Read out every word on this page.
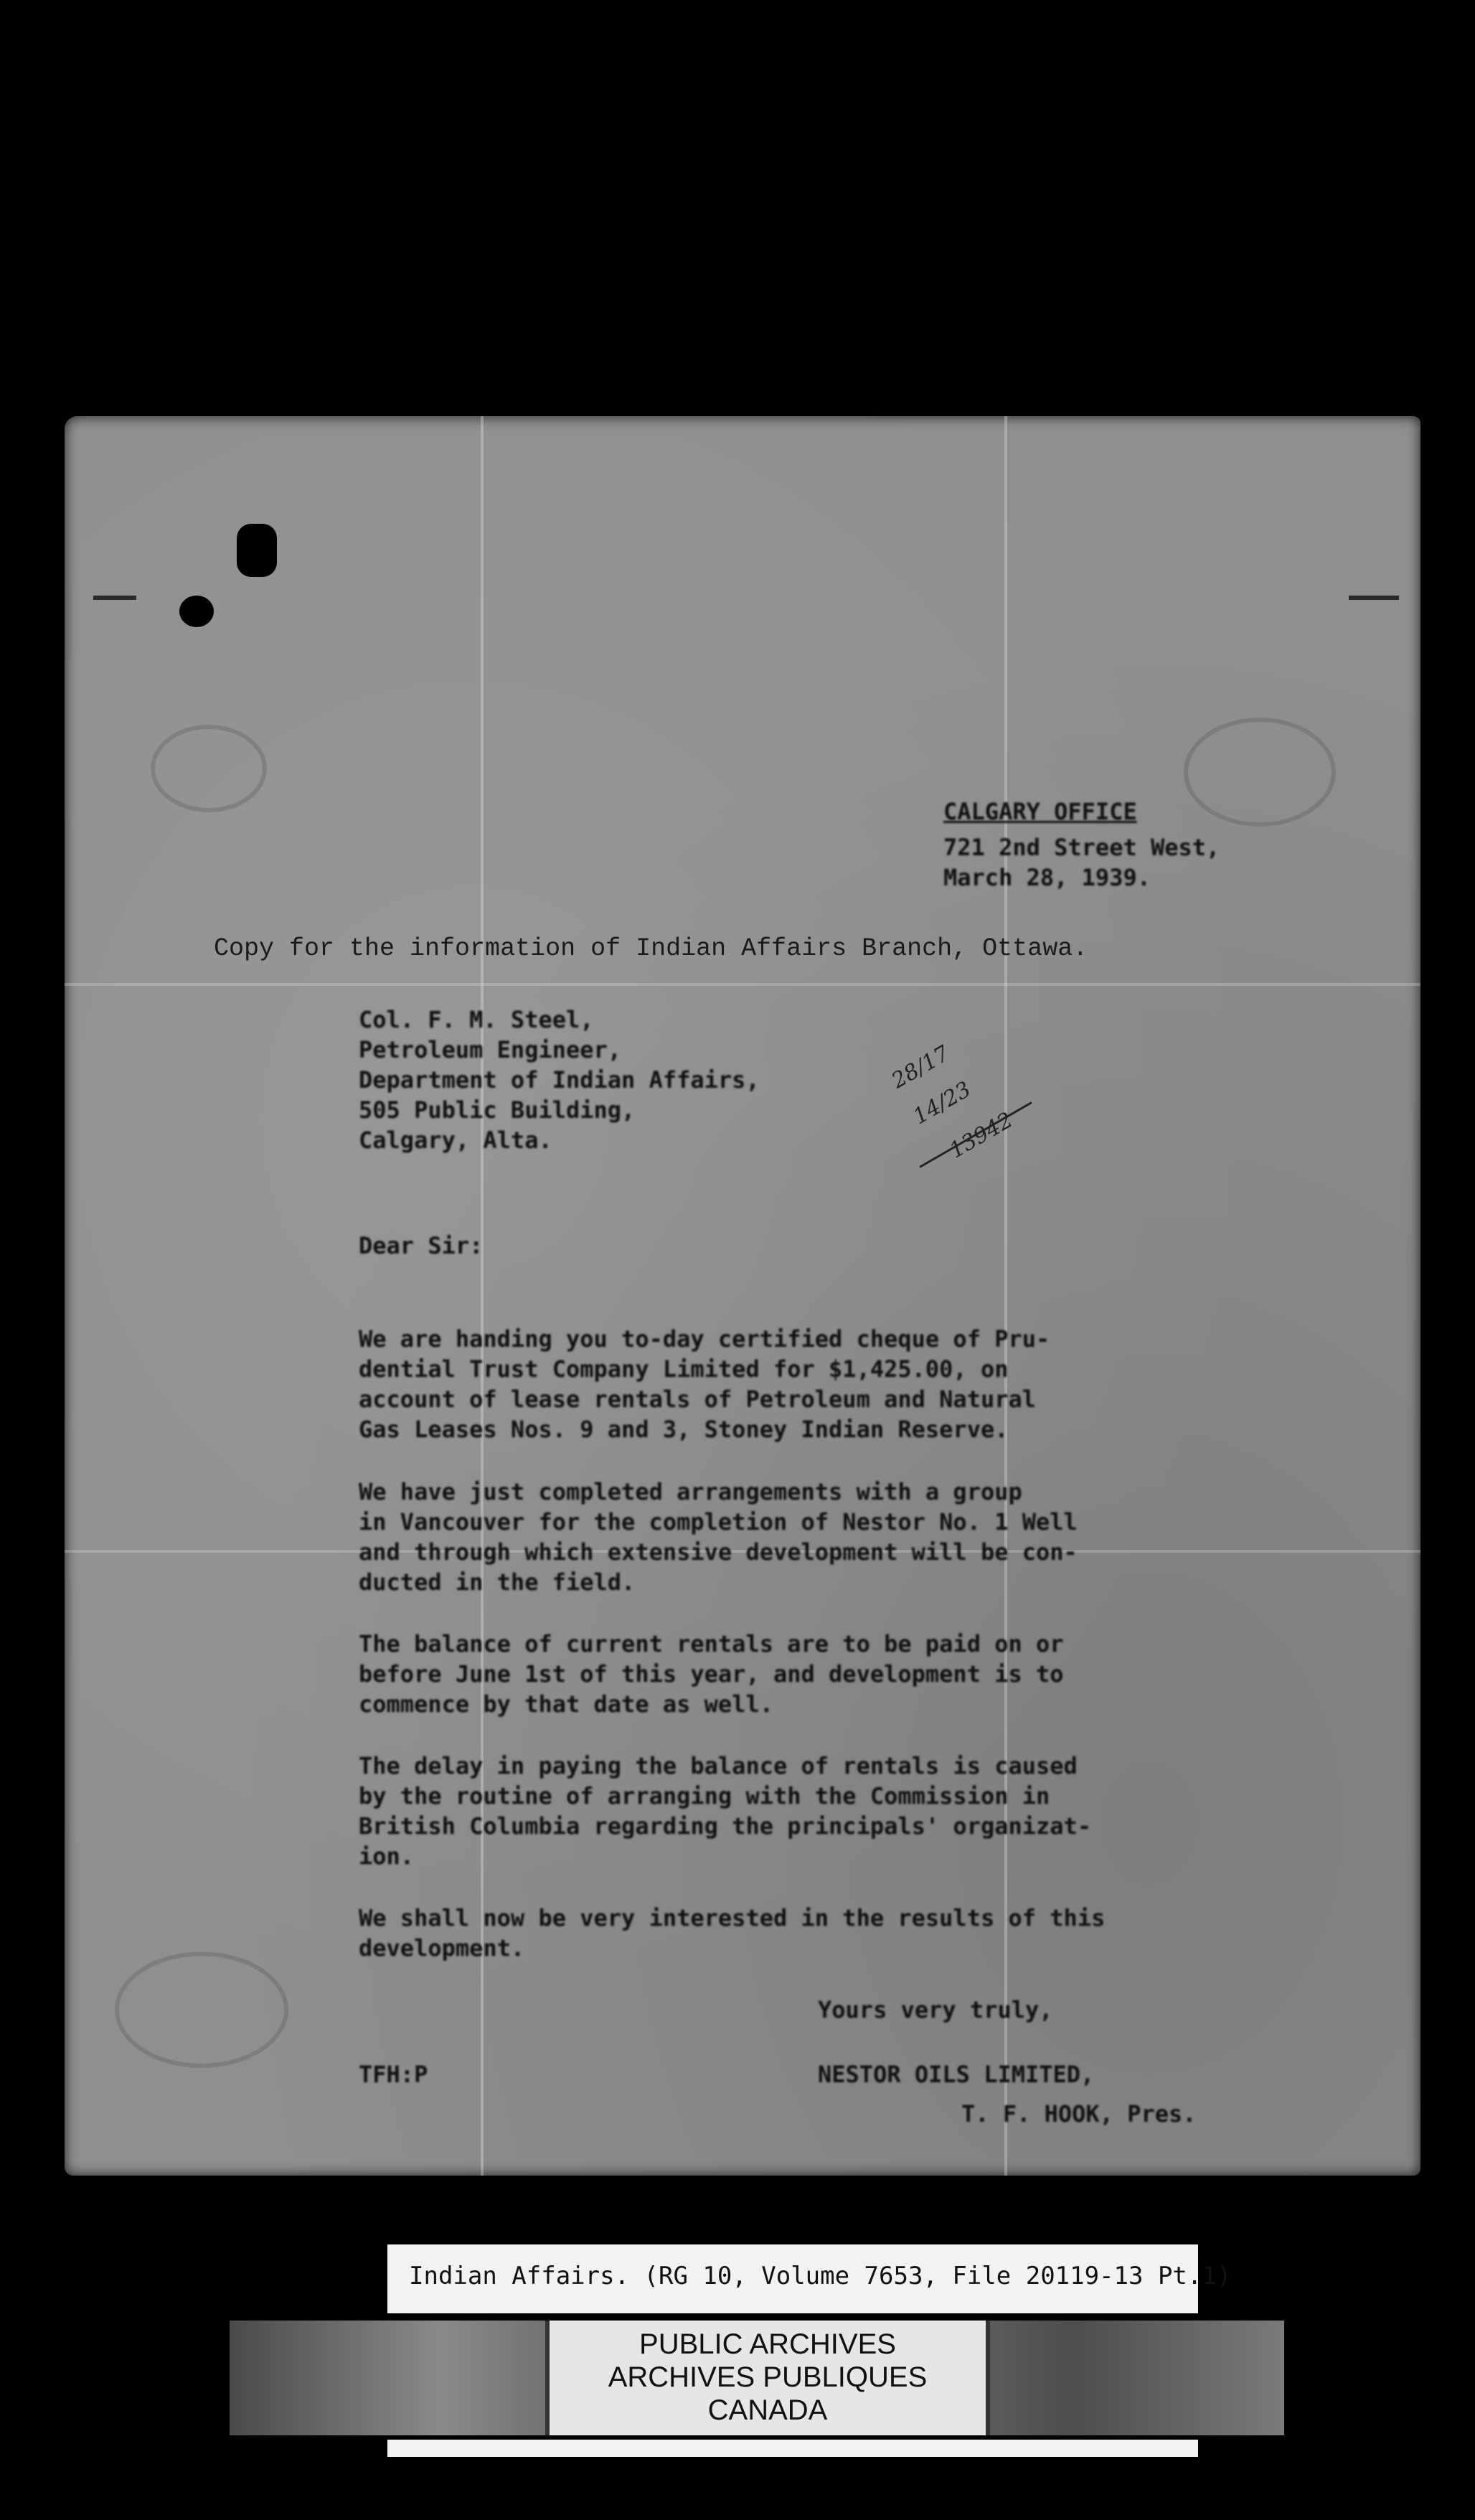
CALGARY OFFICE
721 2nd Street West,
March 28, 1939.
Copy for the information of Indian Affairs Branch, Ottawa.
Col. F. M. Steel,
Petroleum Engineer,
Department of Indian Affairs,
505 Public Building,
Calgary, Alta.
28/17
14/23
13942
Dear Sir:
We are handing you to-day certified cheque of Pru-
dential Trust Company Limited for $1,425.00, on
account of lease rentals of Petroleum and Natural
Gas Leases Nos. 9 and 3, Stoney Indian Reserve.
We have just completed arrangements with a group
in Vancouver for the completion of Nestor No. 1 Well
and through which extensive development will be con-
ducted in the field.
The balance of current rentals are to be paid on or
before June 1st of this year, and development is to
commence by that date as well.
The delay in paying the balance of rentals is caused
by the routine of arranging with the Commission in
British Columbia regarding the principals' organizat-
ion.
We shall now be very interested in the results of this
development.
Yours very truly,
NESTOR OILS LIMITED,
T. F. HOOK, Pres.
TFH:P
Indian Affairs. (RG 10, Volume 7653, File 20119-13 Pt.1)
PUBLIC ARCHIVES
ARCHIVES PUBLIQUES
CANADA
